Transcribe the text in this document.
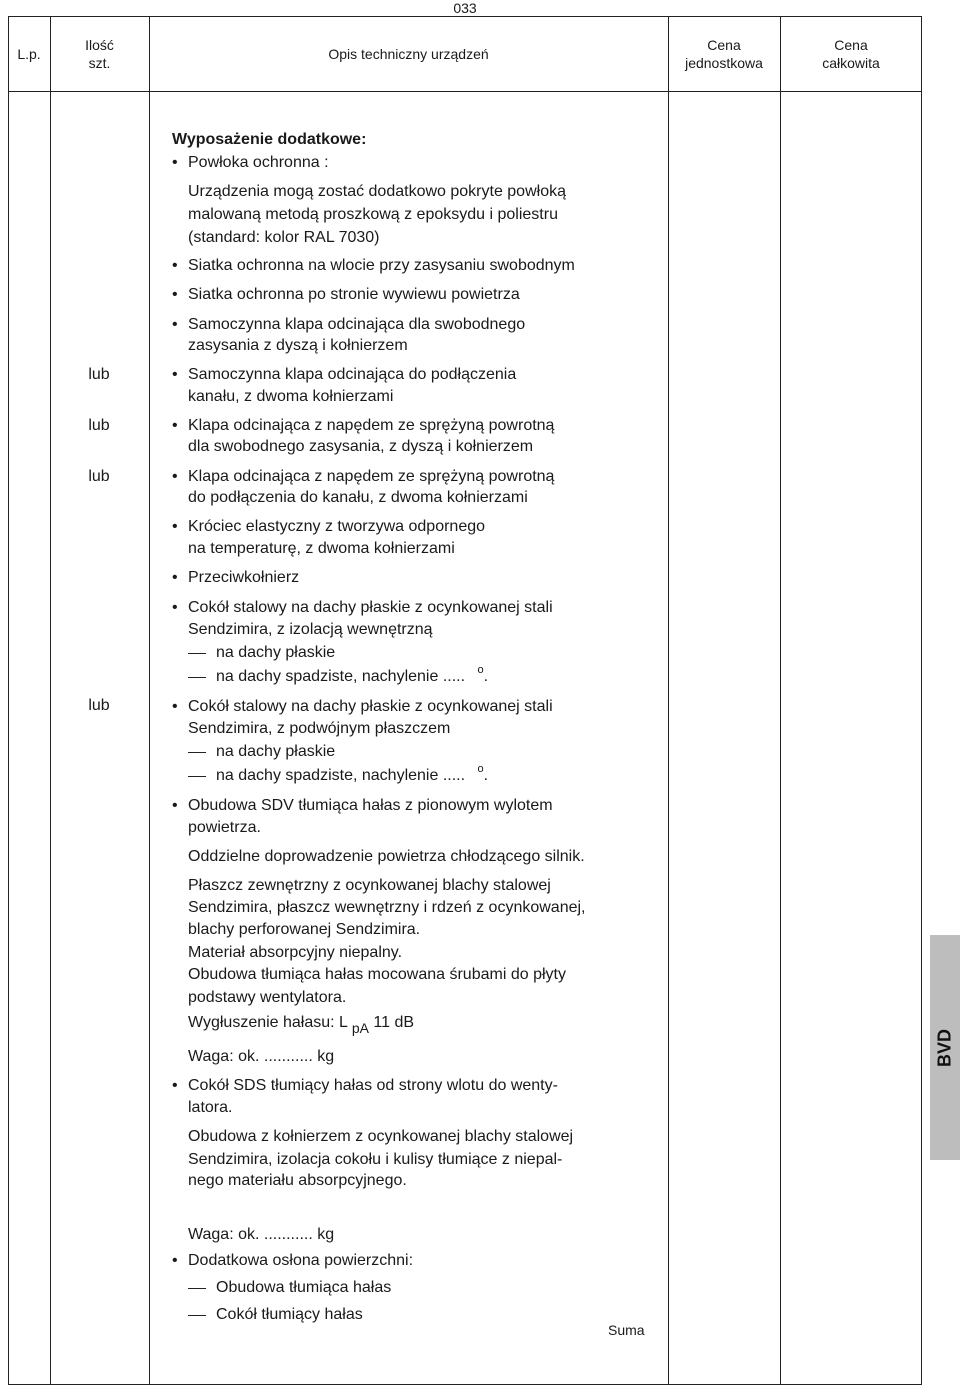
033
L.p.
Ilość
szt.
Opis techniczny urządzeń
Cena
jednostkowa
Cena
całkowita
lub
lub
lub
lub
Wyposażenie dodatkowe:
• Powłoka ochronna :
Urządzenia mogą zostać dodatkowo pokryte powłoką
malowaną metodą proszkową z epoksydu i poliestru
(standard: kolor RAL 7030)
• Siatka ochronna na wlocie przy zasysaniu swobodnym
• Siatka ochronna po stronie wywiewu powietrza
• Samoczynna klapa odcinająca dla swobodnego
zasysania z dyszą i kołnierzem
• Samoczynna klapa odcinająca do podłączenia
kanału, z dwoma kołnierzami
• Klapa odcinająca z napędem ze sprężyną powrotną
dla swobodnego zasysania, z dyszą i kołnierzem
• Klapa odcinająca z napędem ze sprężyną powrotną
do podłączenia do kanału, z dwoma kołnierzami
• Króciec elastyczny z tworzywa odpornego
na temperaturę, z dwoma kołnierzami
• Przeciwkołnierz
• Cokół stalowy na dachy płaskie z ocynkowanej stali
Sendzimira, z izolacją wewnętrzną
na dachy płaskie
na dachy spadziste, nachylenie ..... $^o$.
• Cokół stalowy na dachy płaskie z ocynkowanej stali
Sendzimira, z podwójnym płaszczem
na dachy płaskie
na dachy spadziste, nachylenie ..... $^o$.
• Obudowa SDV tłumiąca hałas z pionowym wylotem
powietrza.
Oddzielne doprowadzenie powietrza chłodzącego silnik.
Płaszcz zewnętrzny z ocynkowanej blachy stalowej
Sendzimira, płaszcz wewnętrzny i rdzeń z ocynkowanej,
blachy perforowanej Sendzimira.
Materiał absorpcyjny niepalny.
Obudowa tłumiąca hałas mocowana śrubami do płyty
podstawy wentylatora.
Wygłuszenie hałasu: L pA 11 dB
Waga: ok. ........... kg
• Cokół SDS tłumiący hałas od strony wlotu do wenty-
latora.
Obudowa z kołnierzem z ocynkowanej blachy stalowej
Sendzimira, izolacja cokołu i kulisy tłumiące z niepal-
nego materiału absorpcyjnego.
Waga: ok. ........... kg
• Dodatkowa osłona powierzchni:
Obudowa tłumiąca hałas
Cokół tłumiący hałas
Suma
BVD
